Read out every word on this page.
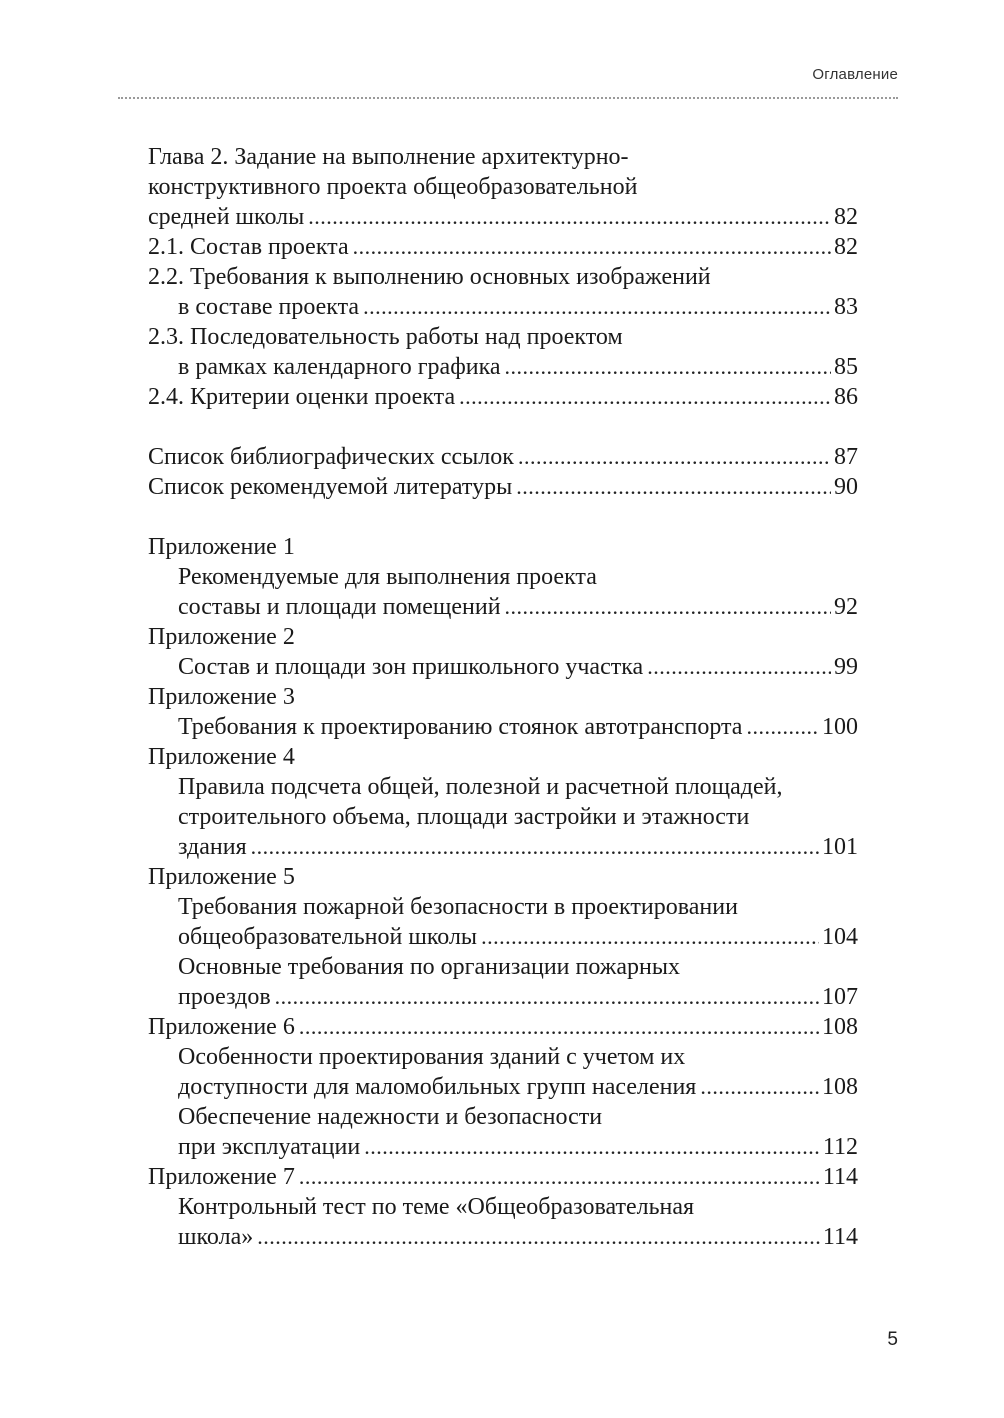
Оглавление
Глава 2. Задание на выполнение архитектурно-
конструктивного проекта общеобразовательной
средней школы .....	82
2.1. Состав проекта .....	82
2.2. Требования к выполнению основных изображений
в составе проекта .....	83
2.3. Последовательность работы над проектом
в рамках календарного графика .....	85
2.4. Критерии оценки проекта .....	86
Список библиографических ссылок .....	87
Список рекомендуемой литературы .....	90
Приложение 1
Рекомендуемые для выполнения проекта
составы и площади помещений .....	92
Приложение 2
Состав и площади зон пришкольного участка .....	99
Приложение 3
Требования к проектированию стоянок автотранспорта .....	100
Приложение 4
Правила подсчета общей, полезной и расчетной площадей,
строительного объема, площади застройки и этажности
здания .....	101
Приложение 5
Требования пожарной безопасности в проектировании
общеобразовательной школы .....	104
Основные требования по организации пожарных
проездов .....	107
Приложение 6 .....	108
Особенности проектирования зданий с учетом их
доступности для маломобильных групп населения .....	108
Обеспечение надежности и безопасности
при эксплуатации .....	112
Приложение 7 .....	114
Контрольный тест по теме «Общеобразовательная
школа» .....	114
5
